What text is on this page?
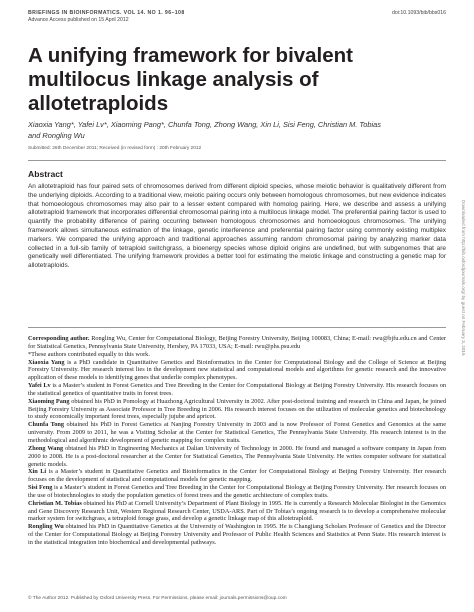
BRIEFINGS IN BIOINFORMATICS. VOL 14. NO 1. 96–108
Advance Access published on 15 April 2012
doi:10.1093/bib/bbs016
A unifying framework for bivalent multilocus linkage analysis of allotetraploids
Xiaoxia Yang*, Yafei Lv*, Xiaoming Pang*, Chunfa Tong, Zhong Wang, Xin Li, Sisi Feng, Christian M. Tobias
and Rongling Wu
Submitted: 26th December 2011; Received (in revised form) : 20th February 2012
Abstract

An allotetraploid has four paired sets of chromosomes derived from different diploid species, whose meiotic behavior is qualitatively different from the underlying diploids. According to a traditional view, meiotic pairing occurs only between homologous chromosomes, but new evidence indicates that homoeologous chromosomes may also pair to a lesser extent compared with homolog pairing. Here, we describe and assess a unifying allotetraploid framework that incorporates differential chromosomal pairing into a multilocus linkage model. The preferential pairing factor is used to quantify the probability difference of pairing occurring between homologous chromosomes and homoeologous chromosomes. The unifying framework allows simultaneous estimation of the linkage, genetic interference and preferential pairing factor using commonly existing multiplex markers. We compared the unifying approach and traditional approaches assuming random chromosomal pairing by analyzing marker data collected in a full-sib family of tetraploid switchgrass, a bioenergy species whose diploid origins are undefined, but with subgenomes that are genetically well differentiated. The unifying framework provides a better tool for estimating the meiotic linkage and constructing a genetic map for allotetraploids.

Corresponding author. Rongling Wu, Center for Computational Biology, Beijing Forestry University, Beijing 100083, China; E-mail: rwu@bjfu.edu.cn and Center for Statistical Genetics, Pennsylvania State University, Hershey, PA 17033, USA; E-mail: rwu@phs.psu.edu

*These authors contributed equally to this work.

Xiaoxia Yang is a PhD candidate in Quantitative Genetics and Bioinformatics in the Center for Computational Biology and the College of Science at Beijing Forestry University. Her research interest lies in the development new statistical and computational models and algorithms for genetic research and the innovative application of these models to identifying genes that underlie complex phenotypes.

Yafei Lv is a Master’s student in Forest Genetics and Tree Breeding in the Center for Computational Biology at Beijing Forestry University. His research focuses on the statistical genetics of quantitative traits in forest trees.

Xiaoming Pang obtained his PhD in Pomology at Huazhong Agricultural University in 2002. After post-doctoral training and research in China and Japan, he joined Beijing Forestry University as Associate Professor in Tree Breeding in 2006. His research interest focuses on the utilization of molecular genetics and biotechnology to study economically important forest trees, especially jujube and apricot.

Chunfa Tong obtained his PhD in Forest Genetics at Nanjing Forestry University in 2003 and is now Professor of Forest Genetics and Genomics at the same university. From 2009 to 2011, he was a Visiting Scholar at the Center for Statistical Genetics, The Pennsylvania State University. His research interest is in the methodological and algorithmic development of genetic mapping for complex traits.

Zhong Wang obtained his PhD in Engineering Mechanics at Dalian University of Technology in 2000. He found and managed a software company in Japan from 2000 to 2008. He is a post-doctoral researcher at the Center for Statistical Genetics, The Pennsylvania State University. He writes computer software for statistical genetic models.

Xin Li is a Master’s student in Quantitative Genetics and Bioinformatics in the Center for Computational Biology at Beijing Forestry University. Her research focuses on the development of statistical and computational models for genetic mapping.

Sisi Feng is a Master’s student in Forest Genetics and Tree Breeding in the Center for Computational Biology at Beijing Forestry University. Her research focuses on the use of biotechnologies to study the population genetics of forest trees and the genetic architecture of complex traits.

Christian M. Tobias obtained his PhD at Cornell University’s Department of Plant Biology in 1995. He is currently a Research Molecular Biologist in the Genomics and Gene Discovery Research Unit, Western Regional Research Center, USDA-ARS. Part of Dr Tobias’s ongoing research is to develop a comprehensive molecular marker system for switchgrass, a tetraploid forage grass, and develop a genetic linkage map of this allotetraploid.

Rongling Wu obtained his PhD in Quantitative Genetics at the University of Washington in 1995. He is Changjiang Scholars Professor of Genetics and the Director of the Center for Computational Biology at Beijing Forestry University and Professor of Public Health Sciences and Statistics at Penn State. His research interest is in the statistical integration into biochemical and developmental pathways.

© The Author 2012. Published by Oxford University Press. For Permissions, please email: journals.permissions@oup.com
Downloaded from http://bib.oxfordjournals.org/ by guest on February 3, 2016
